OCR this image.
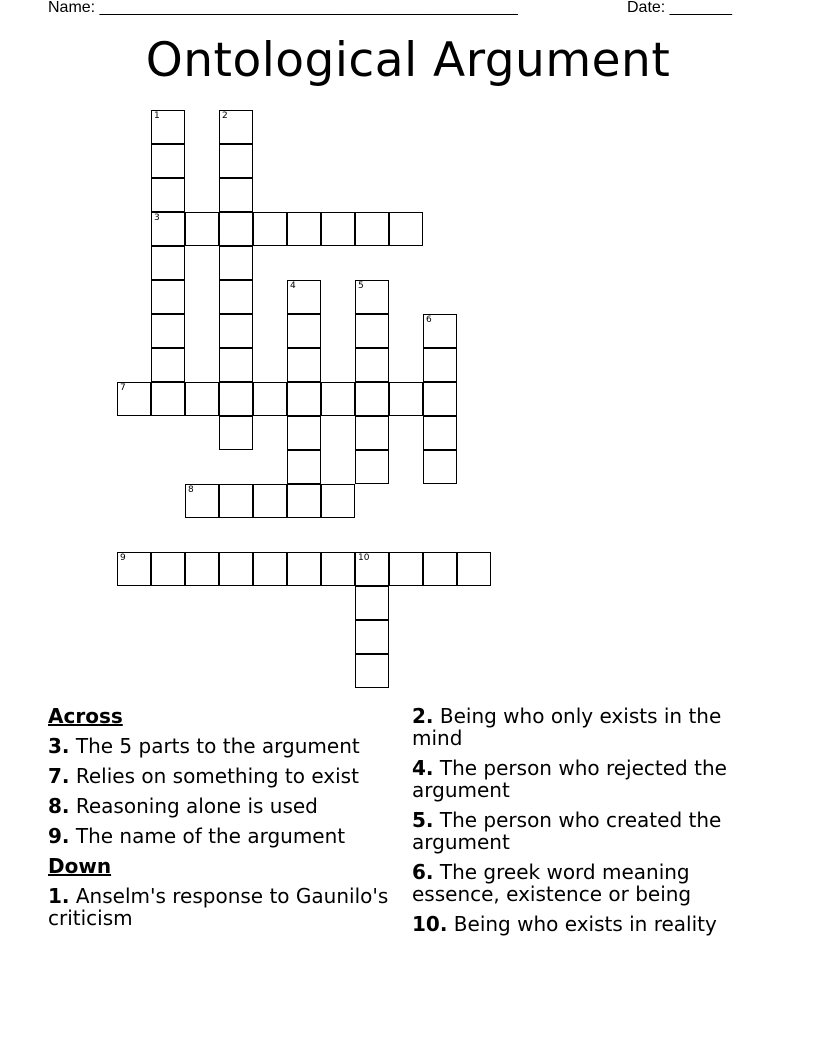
Name: _______________________________________________	Date: _______
Ontological Argument
1
3
2
4	5
6
7
8
9	10
Across
3. The 5 parts to the argument
7. Relies on something to exist
8. Reasoning alone is used
9. The name of the argument
Down
1. Anselm's response to Gaunilo's criticism
2. Being who only exists in the mind
4. The person who rejected the argument
5. The person who created the argument
6. The greek word meaning essence, existence or being
10. Being who exists in reality
